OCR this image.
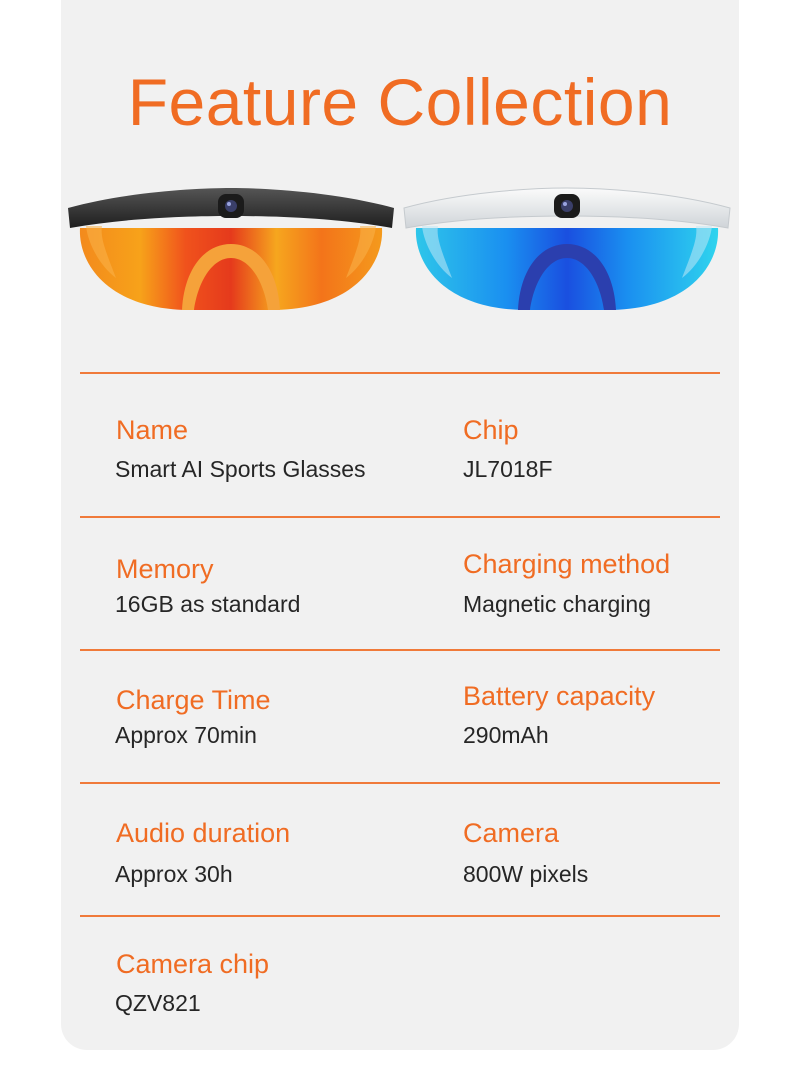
Feature Collection
Name
Smart AI Sports Glasses
Chip
JL7018F
Memory
16GB as standard
Charging method
Magnetic charging
Charge Time
Approx 70min
Battery capacity
290mAh
Audio duration
Approx 30h
Camera
800W pixels
Camera chip
QZV821
